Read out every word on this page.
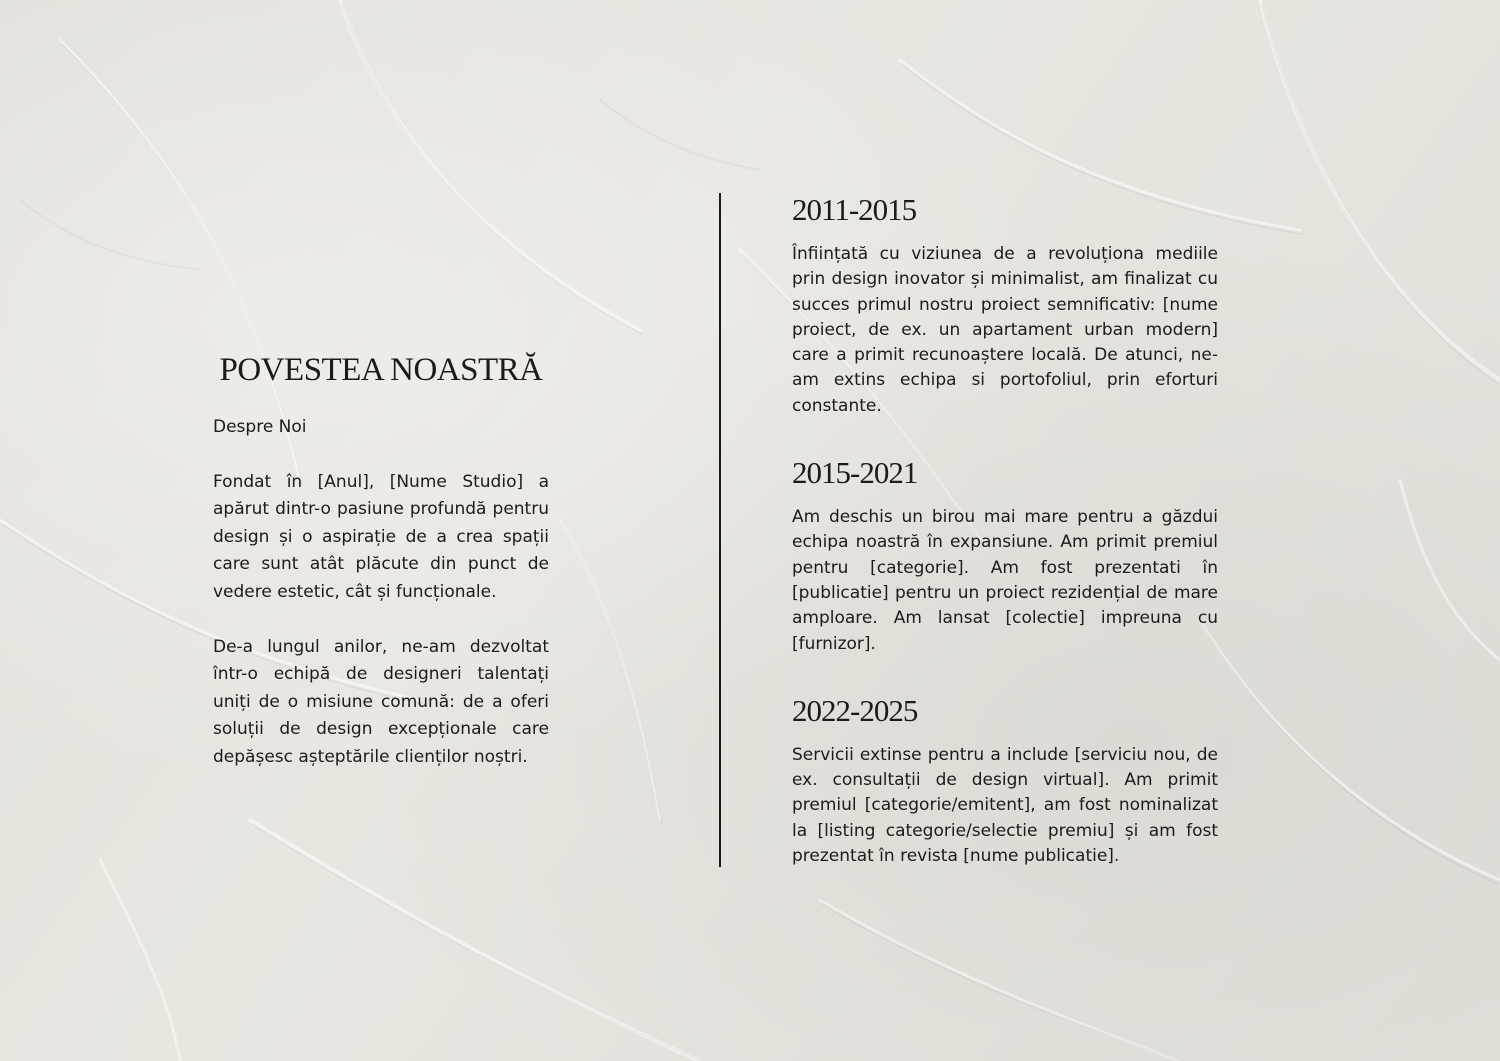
POVESTEA NOASTRĂ
Despre Noi

Fondat în [Anul], [Nume Studio] a apărut dintr-o pasiune profundă pentru design și o aspirație de a crea spații care sunt atât plăcute din punct de vedere estetic, cât și funcționale.

De-a lungul anilor, ne-am dezvoltat într-o echipă de designeri talentați uniți de o misiune comună: de a oferi soluții de design excepționale care depășesc așteptările clienților noștri.

2011-2015

Înființată cu viziunea de a revoluționa mediile prin design inovator și minimalist, am finalizat cu succes primul nostru proiect semnificativ: [nume proiect, de ex. un apartament urban modern] care a primit recunoaștere locală. De atunci, ne-am extins echipa si portofoliul, prin eforturi constante.

2015-2021

Am deschis un birou mai mare pentru a găzdui echipa noastră în expansiune. Am primit premiul pentru [categorie]. Am fost prezentati în [publicatie] pentru un proiect rezidențial de mare amploare. Am lansat [colectie] impreuna cu [furnizor].

2022-2025

Servicii extinse pentru a include [serviciu nou, de ex. consultații de design virtual]. Am primit premiul [categorie/emitent], am fost nominalizat la [listing categorie/selectie premiu] și am fost prezentat în revista [nume publicatie].
